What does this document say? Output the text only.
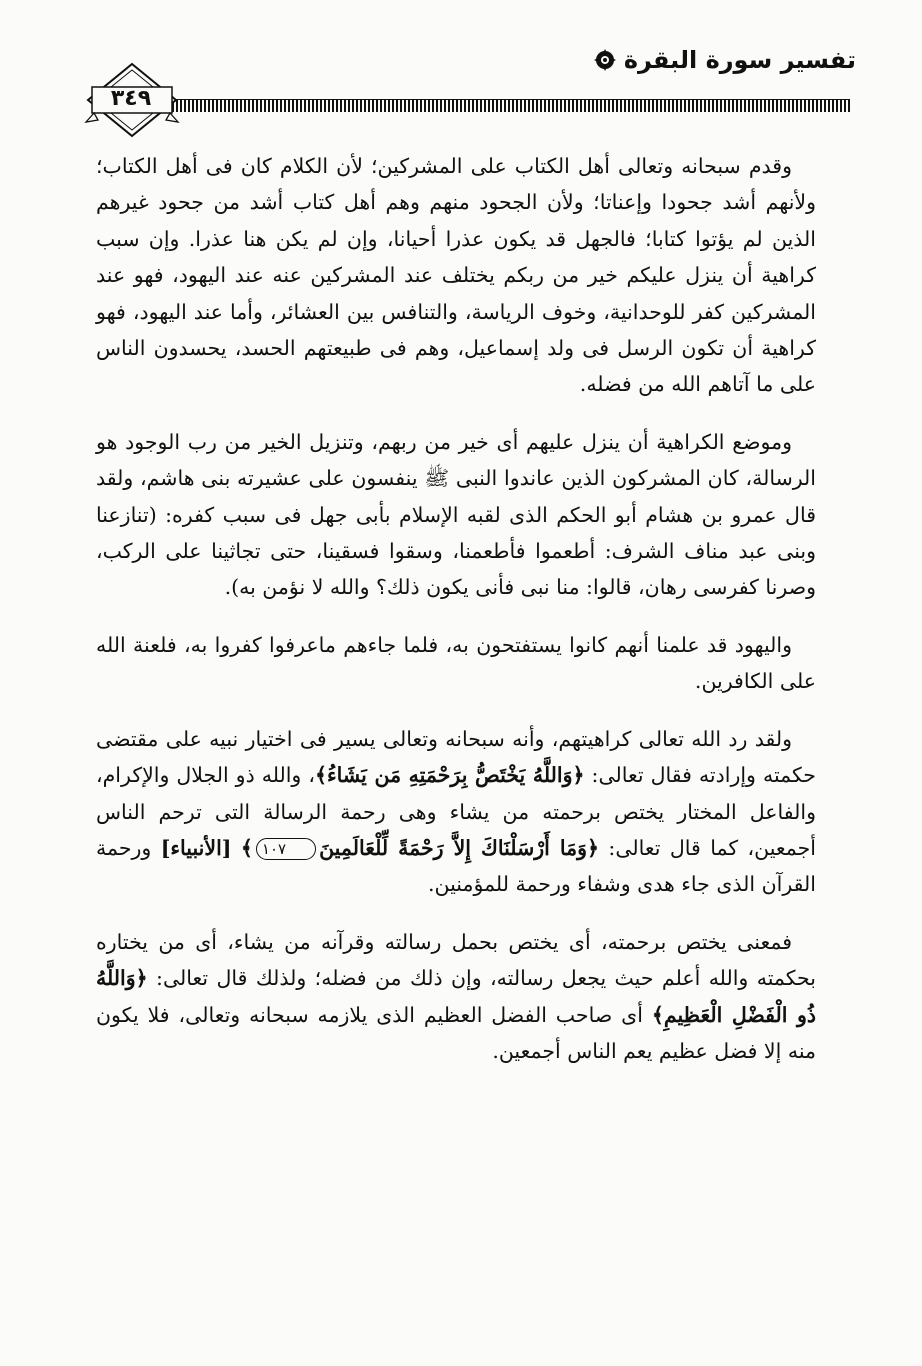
تفسير سورة البقرة
٣٤٩

وقدم سبحانه وتعالى أهل الكتاب على المشركين؛ لأن الكلام كان فى أهل الكتاب؛ ولأنهم أشد جحودا وإعناتا؛ ولأن الجحود منهم وهم أهل كتاب أشد من جحود غيرهم الذين لم يؤتوا كتابا؛ فالجهل قد يكون عذرا أحيانا، وإن لم يكن هنا عذرا. وإن سبب كراهية أن ينزل عليكم خير من ربكم يختلف عند المشركين عنه عند اليهود، فهو عند المشركين كفر للوحدانية، وخوف الرياسة، والتنافس بين العشائر، وأما عند اليهود، فهو كراهية أن تكون الرسل فى ولد إسماعيل، وهم فى طبيعتهم الحسد، يحسدون الناس على ما آتاهم الله من فضله.

وموضع الكراهية أن ينزل عليهم أى خير من ربهم، وتنزيل الخير من رب الوجود هو الرسالة، كان المشركون الذين عاندوا النبى ﷺ ينفسون على عشيرته بنى هاشم، ولقد قال عمرو بن هشام أبو الحكم الذى لقبه الإسلام بأبى جهل فى سبب كفره: (تنازعنا وبنى عبد مناف الشرف: أطعموا فأطعمنا، وسقوا فسقينا، حتى تجاثينا على الركب، وصرنا كفرسى رهان، قالوا: منا نبى فأنى يكون ذلك؟ والله لا نؤمن به).

واليهود قد علمنا أنهم كانوا يستفتحون به، فلما جاءهم ماعرفوا كفروا به، فلعنة الله على الكافرين.

ولقد رد الله تعالى كراهيتهم، وأنه سبحانه وتعالى يسير فى اختيار نبيه على مقتضى حكمته وإرادته فقال تعالى: ﴿وَاللَّهُ يَخْتَصُّ بِرَحْمَتِهِ مَن يَشَاءُ﴾، والله ذو الجلال والإكرام، والفاعل المختار يختص برحمته من يشاء وهى رحمة الرسالة التى ترحم الناس أجمعين، كما قال تعالى: ﴿وَمَا أَرْسَلْنَاكَ إِلاَّ رَحْمَةً لِّلْعَالَمِينَ١٠٧﴾ [الأنبياء] ورحمة القرآن الذى جاء هدى وشفاء ورحمة للمؤمنين.

فمعنى يختص برحمته، أى يختص بحمل رسالته وقرآنه من يشاء، أى من يختاره بحكمته والله أعلم حيث يجعل رسالته، وإن ذلك من فضله؛ ولذلك قال تعالى: ﴿وَاللَّهُ ذُو الْفَضْلِ الْعَظِيمِ﴾ أى صاحب الفضل العظيم الذى يلازمه سبحانه وتعالى، فلا يكون منه إلا فضل عظيم يعم الناس أجمعين.
